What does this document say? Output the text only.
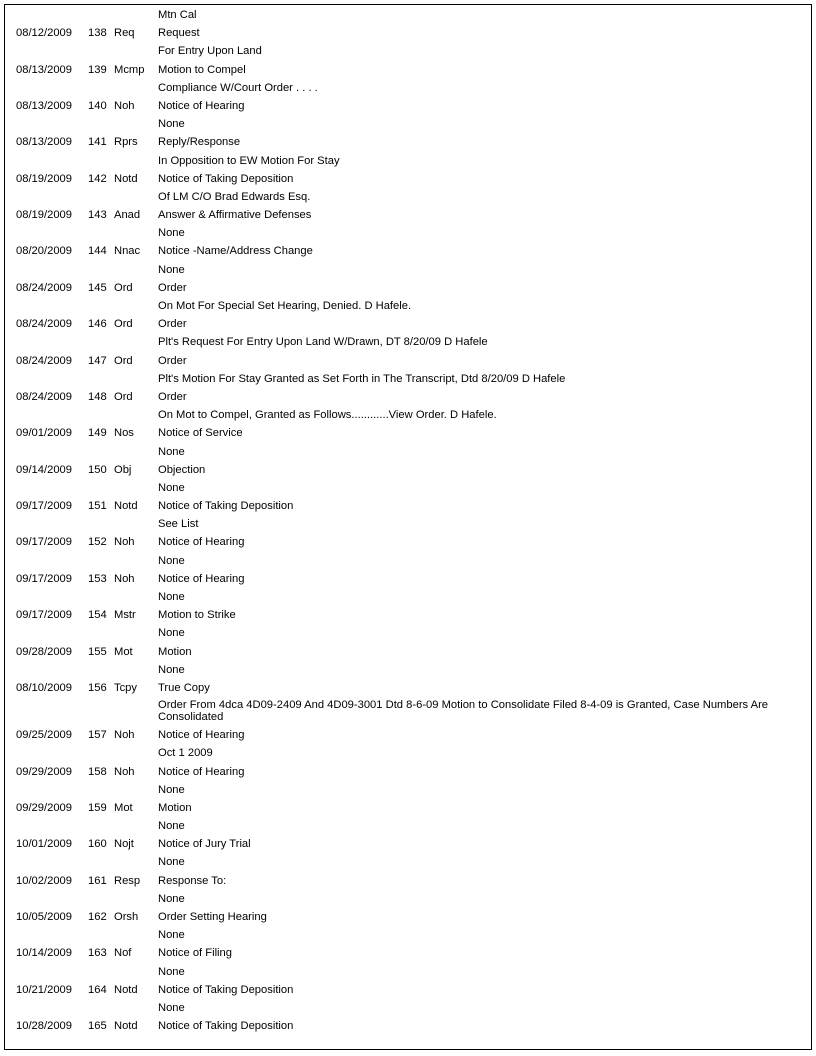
Mtn Cal
08/12/2009	138 Req	Request
For Entry Upon Land
08/13/2009	139 Mcmp	Motion to Compel
Compliance W/Court Order . . . .
08/13/2009	140 Noh	Notice of Hearing
None
08/13/2009	141 Rprs	Reply/Response
In Opposition to EW Motion For Stay
08/19/2009	142 Notd	Notice of Taking Deposition
Of LM C/O Brad Edwards Esq.
08/19/2009	143 Anad	Answer & Affirmative Defenses
None
08/20/2009	144 Nnac	Notice -Name/Address Change
None
08/24/2009	145 Ord	Order
On Mot For Special Set Hearing, Denied. D Hafele.
08/24/2009	146 Ord	Order
Plt's Request For Entry Upon Land W/Drawn, DT 8/20/09 D Hafele
08/24/2009	147 Ord	Order
Plt's Motion For Stay Granted as Set Forth in The Transcript, Dtd 8/20/09 D Hafele
08/24/2009	148 Ord	Order
On Mot to Compel, Granted as Follows............View Order. D Hafele.
09/01/2009	149 Nos	Notice of Service
None
09/14/2009	150 Obj	Objection
None
09/17/2009	151 Notd	Notice of Taking Deposition
See List
09/17/2009	152 Noh	Notice of Hearing
None
09/17/2009	153 Noh	Notice of Hearing
None
09/17/2009	154 Mstr	Motion to Strike
None
09/28/2009	155 Mot	Motion
None
08/10/2009	156 Tcpy	True Copy
Order From 4dca 4D09-2409 And 4D09-3001 Dtd 8-6-09 Motion to Consolidate Filed 8-4-09 is Granted, Case Numbers Are Consolidated
09/25/2009	157 Noh	Notice of Hearing
Oct 1 2009
09/29/2009	158 Noh	Notice of Hearing
None
09/29/2009	159 Mot	Motion
None
10/01/2009	160 Nojt	Notice of Jury Trial
None
10/02/2009	161 Resp	Response To:
None
10/05/2009	162 Orsh	Order Setting Hearing
None
10/14/2009	163 Nof	Notice of Filing
None
10/21/2009	164 Notd	Notice of Taking Deposition
None
10/28/2009	165 Notd	Notice of Taking Deposition
